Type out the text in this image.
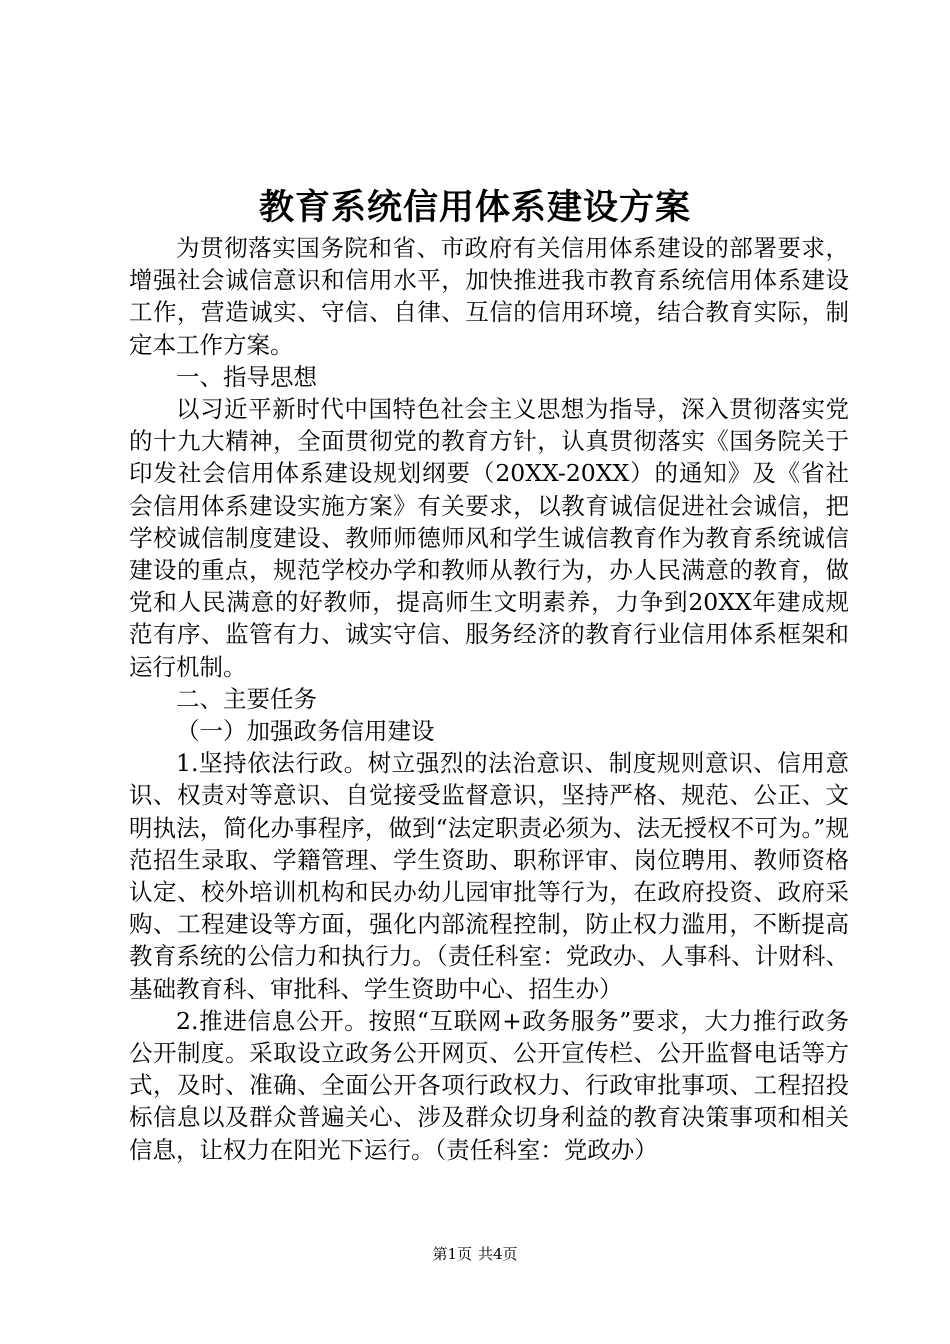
教育系统信用体系建设方案

为贯彻落实国务院和省、市政府有关信用体系建设的部署要求，增强社会诚信意识和信用水平，加快推进我市教育系统信用体系建设工作，营造诚实、守信、自律、互信的信用环境，结合教育实际，制定本工作方案。

一、指导思想

以习近平新时代中国特色社会主义思想为指导，深入贯彻落实党的十九大精神，全面贯彻党的教育方针，认真贯彻落实《国务院关于印发社会信用体系建设规划纲要（20XX-20XX）的通知》及《省社会信用体系建设实施方案》有关要求，以教育诚信促进社会诚信，把学校诚信制度建设、教师师德师风和学生诚信教育作为教育系统诚信建设的重点，规范学校办学和教师从教行为，办人民满意的教育，做党和人民满意的好教师，提高师生文明素养，力争到20XX年建成规范有序、监管有力、诚实守信、服务经济的教育行业信用体系框架和运行机制。

二、主要任务

（一）加强政务信用建设

1.坚持依法行政。树立强烈的法治意识、制度规则意识、信用意识、权责对等意识、自觉接受监督意识，坚持严格、规范、公正、文明执法，简化办事程序，做到“法定职责必须为、法无授权不可为。”规范招生录取、学籍管理、学生资助、职称评审、岗位聘用、教师资格认定、校外培训机构和民办幼儿园审批等行为，在政府投资、政府采购、工程建设等方面，强化内部流程控制，防止权力滥用，不断提高教育系统的公信力和执行力。（责任科室：党政办、人事科、计财科、基础教育科、审批科、学生资助中心、招生办）

2.推进信息公开。按照“互联网+政务服务”要求，大力推行政务公开制度。采取设立政务公开网页、公开宣传栏、公开监督电话等方式，及时、准确、全面公开各项行政权力、行政审批事项、工程招投标信息以及群众普遍关心、涉及群众切身利益的教育决策事项和相关信息，让权力在阳光下运行。（责任科室：党政办）

第1页 共4页
